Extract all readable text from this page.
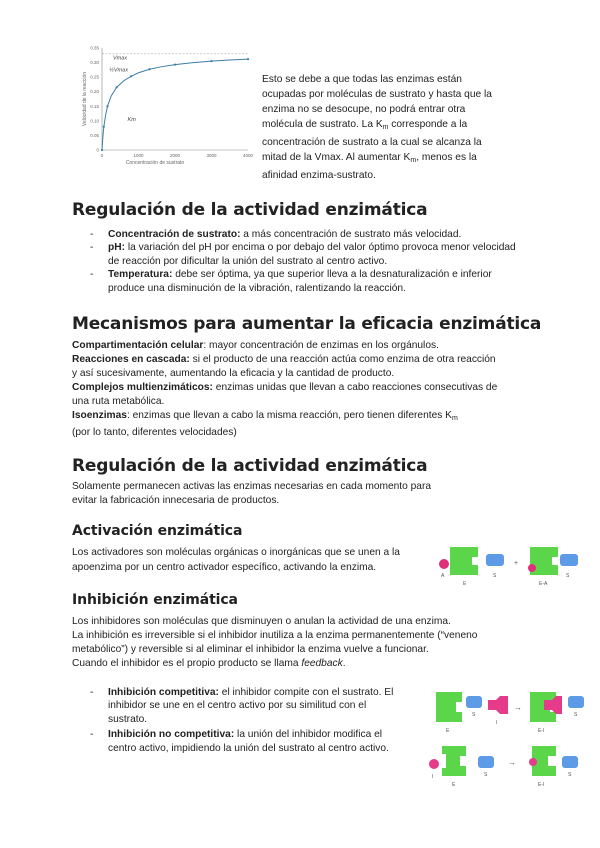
0
0.05
0.10
0.15
0.20
0.25
0.30
0.35
0	1000	2000	3000	4000
Concentración de sustrato
Velocidad de la reacción
Vmax
½Vmax
Km
Esto se debe a que todas las enzimas están
ocupadas por moléculas de sustrato y hasta que la
enzima no se desocupe, no podrá entrar otra
molécula de sustrato. La $K_m$ corresponde a la
concentración de sustrato a la cual se alcanza la
mitad de la Vmax. Al aumentar $K_m$, menos es la
afinidad enzima-sustrato.
Regulación de la actividad enzimática
- Concentración de sustrato: a más concentración de sustrato más velocidad.
- pH: la variación del pH por encima o por debajo del valor óptimo provoca menor velocidad de reacción por dificultar la unión del sustrato al centro activo.
- Temperatura: debe ser óptima, ya que superior lleva a la desnaturalización e inferior produce una disminución de la vibración, ralentizando la reacción.
Mecanismos para aumentar la eficacia enzimática
Compartimentación celular: mayor concentración de enzimas en los orgánulos.
Reacciones en cascada: si el producto de una reacción actúa como enzima de otra reacción y así sucesivamente, aumentando la eficacia y la cantidad de producto.
Complejos multienzimáticos: enzimas unidas que llevan a cabo reacciones consecutivas de una ruta metabólica.
Isoenzimas: enzimas que llevan a cabo la misma reacción, pero tienen diferentes $K_m$
(por lo tanto, diferentes velocidades)
Regulación de la actividad enzimática
Solamente permanecen activas las enzimas necesarias en cada momento para evitar la fabricación innecesaria de productos.
Activación enzimática
Los activadores son moléculas orgánicas o inorgánicas que se unen a la apoenzima por un centro activador específico, activando la enzima.
A
E
S
+
E-A
S
Inhibición enzimática
Los inhibidores son moléculas que disminuyen o anulan la actividad de una enzima.
La inhibición es irreversible si el inhibidor inutiliza a la enzima permanentemente (“veneno metabólico”) y reversible si al eliminar el inhibidor la enzima vuelve a funcionar.
Cuando el inhibidor es el propio producto se llama feedback.
- Inhibición competitiva: el inhibidor compite con el sustrato. El inhibidor se une en el centro activo por su similitud con el sustrato.
- Inhibición no competitiva: la unión del inhibidor modifica el centro activo, impidiendo la unión del sustrato al centro activo.
E
S
I
→
E-I
S
I
E
S
→
E-I
S
